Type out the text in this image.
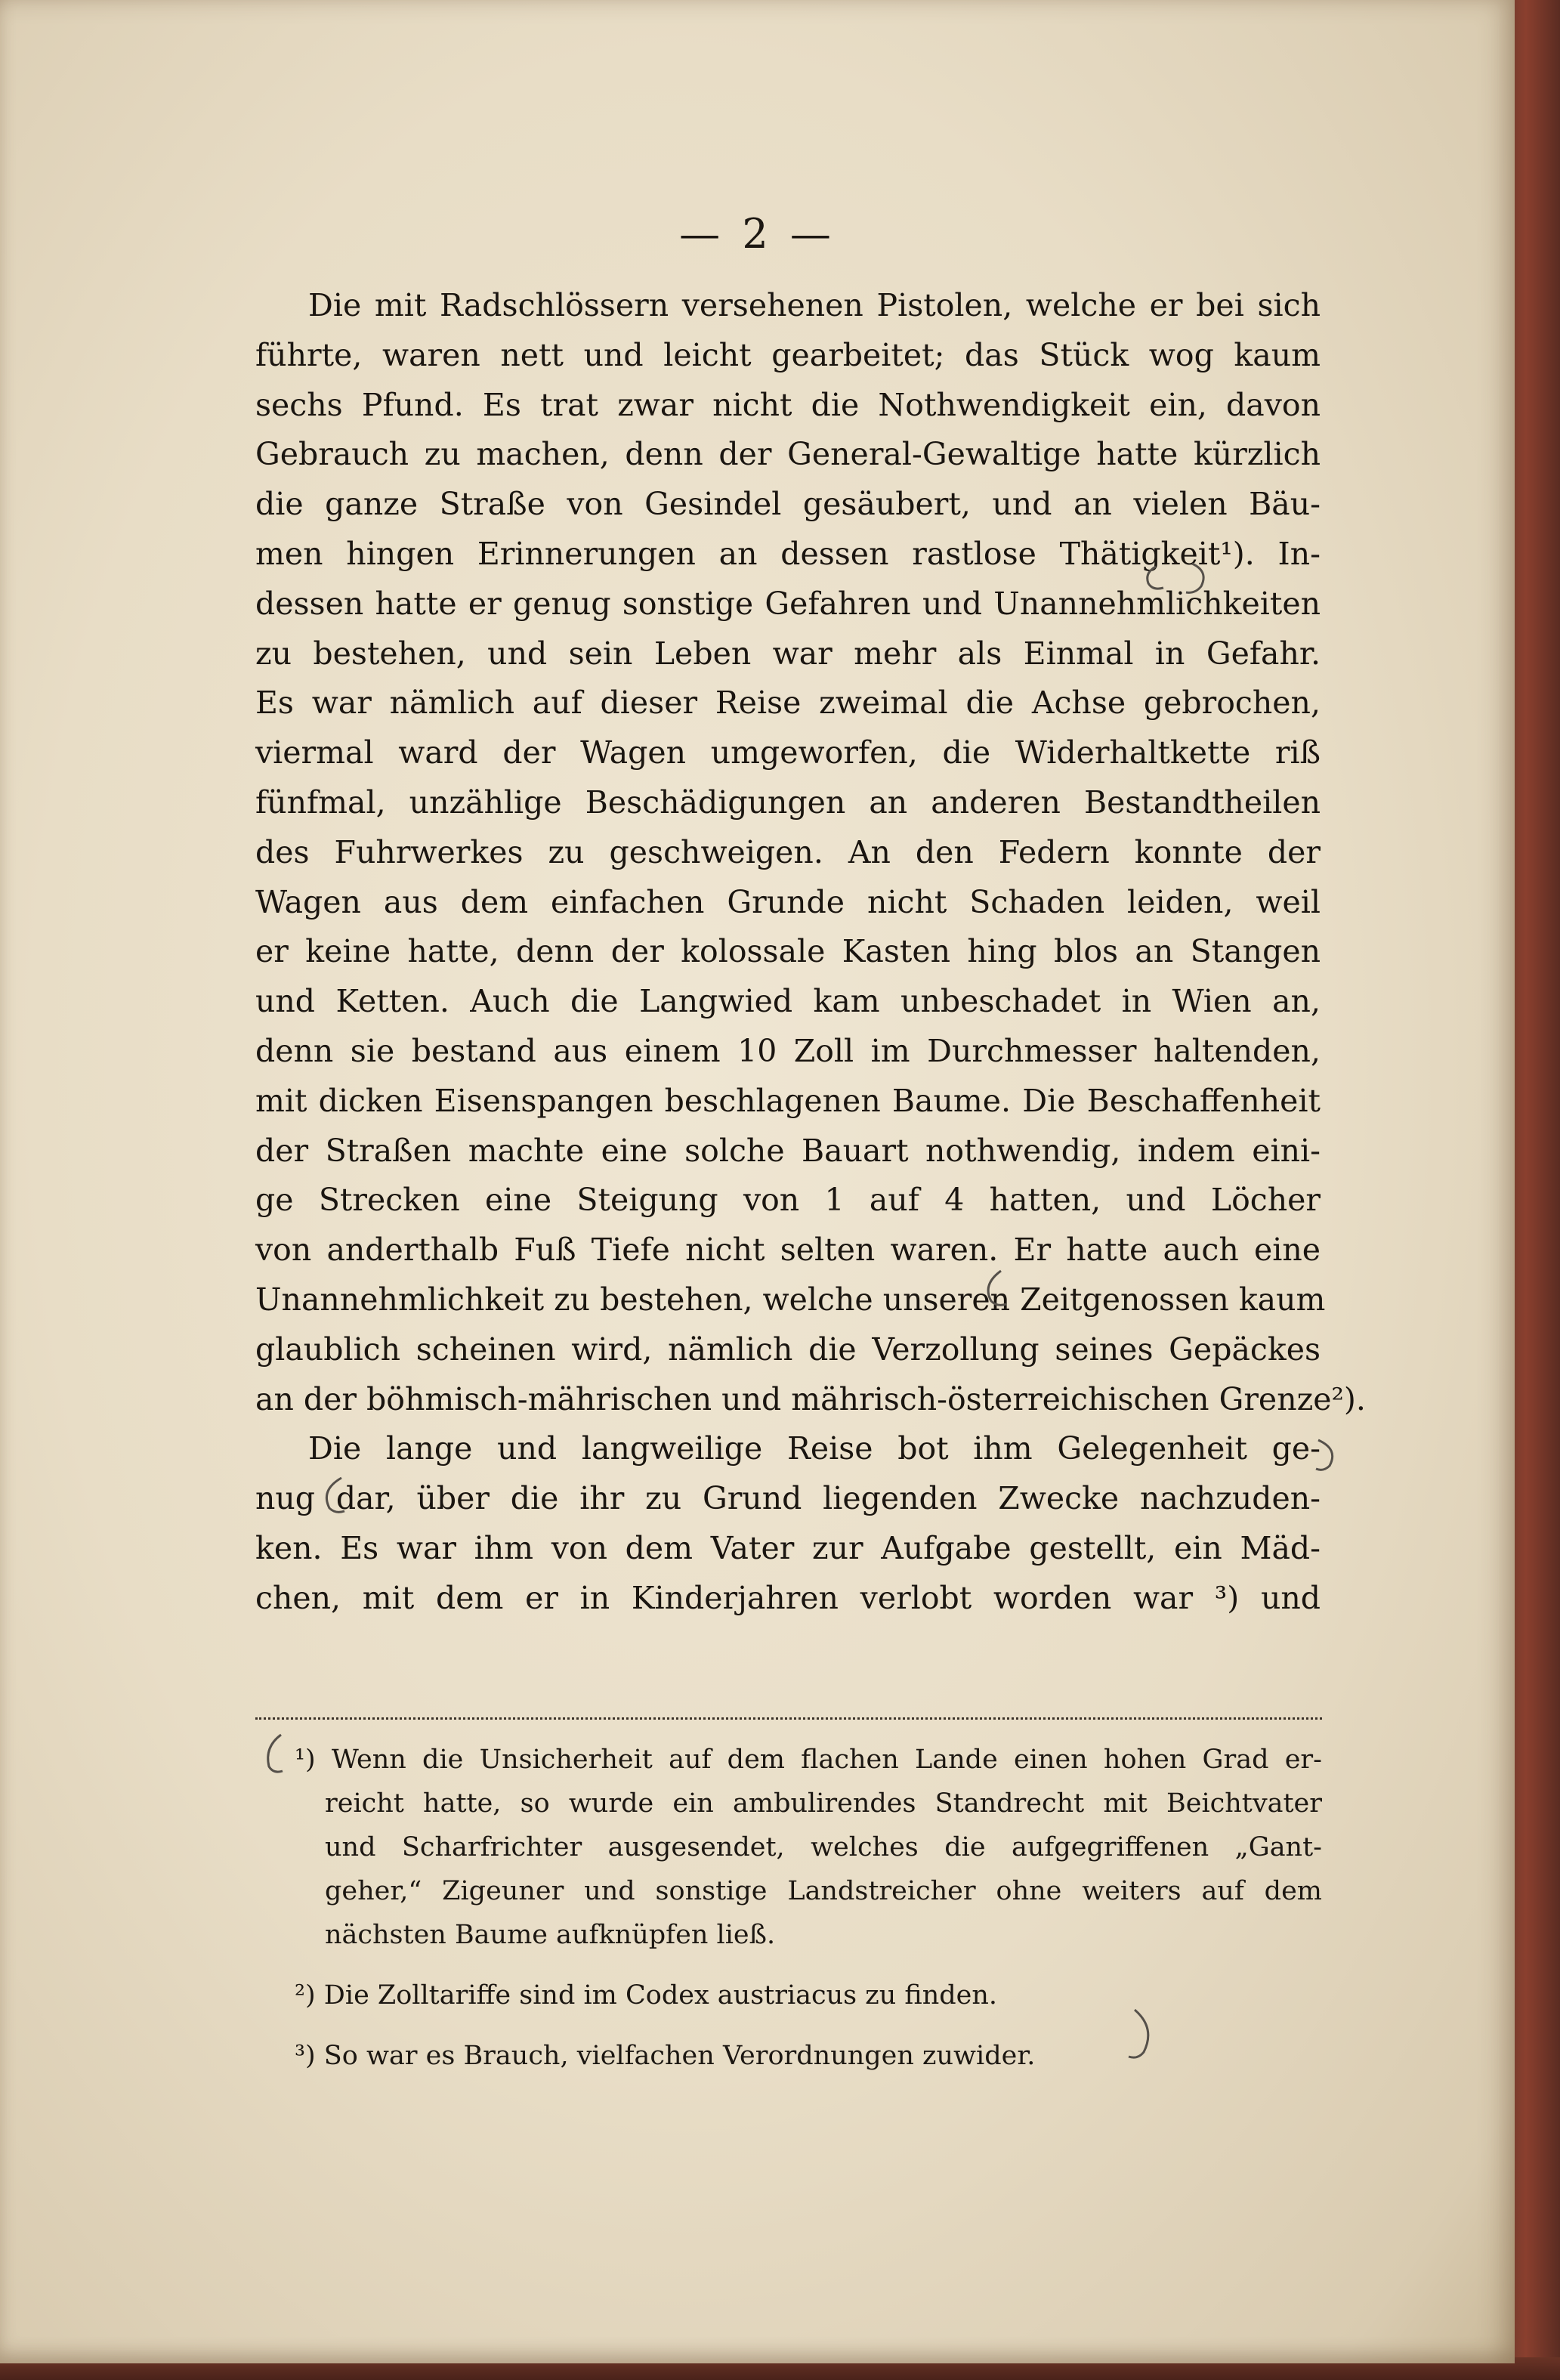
— 2 —
Die mit Radschlössern versehenen Pistolen, welche er bei sich
führte, waren nett und leicht gearbeitet; das Stück wog kaum
sechs Pfund. Es trat zwar nicht die Nothwendigkeit ein, davon
Gebrauch zu machen, denn der General-Gewaltige hatte kürzlich
die ganze Straße von Gesindel gesäubert, und an vielen Bäu-
men hingen Erinnerungen an dessen rastlose Thätigkeit¹). In-
dessen hatte er genug sonstige Gefahren und Unannehmlichkeiten
zu bestehen, und sein Leben war mehr als Einmal in Gefahr.
Es war nämlich auf dieser Reise zweimal die Achse gebrochen,
viermal ward der Wagen umgeworfen, die Widerhaltkette riß
fünfmal, unzählige Beschädigungen an anderen Bestandtheilen
des Fuhrwerkes zu geschweigen. An den Federn konnte der
Wagen aus dem einfachen Grunde nicht Schaden leiden, weil
er keine hatte, denn der kolossale Kasten hing blos an Stangen
und Ketten. Auch die Langwied kam unbeschadet in Wien an,
denn sie bestand aus einem 10 Zoll im Durchmesser haltenden,
mit dicken Eisenspangen beschlagenen Baume. Die Beschaffenheit
der Straßen machte eine solche Bauart nothwendig, indem eini-
ge Strecken eine Steigung von 1 auf 4 hatten, und Löcher
von anderthalb Fuß Tiefe nicht selten waren. Er hatte auch eine
Unannehmlichkeit zu bestehen, welche unseren Zeitgenossen kaum
glaublich scheinen wird, nämlich die Verzollung seines Gepäckes
an der böhmisch-mährischen und mährisch-österreichischen Grenze²).
Die lange und langweilige Reise bot ihm Gelegenheit ge-
nug dar, über die ihr zu Grund liegenden Zwecke nachzuden-
ken. Es war ihm von dem Vater zur Aufgabe gestellt, ein Mäd-
chen, mit dem er in Kinderjahren verlobt worden war ³) und
¹) Wenn die Unsicherheit auf dem flachen Lande einen hohen Grad er-
reicht hatte, so wurde ein ambulirendes Standrecht mit Beichtvater
und Scharfrichter ausgesendet, welches die aufgegriffenen „Gant-
geher,“ Zigeuner und sonstige Landstreicher ohne weiters auf dem
nächsten Baume aufknüpfen ließ.
²) Die Zolltariffe sind im Codex austriacus zu finden.
³) So war es Brauch, vielfachen Verordnungen zuwider.
